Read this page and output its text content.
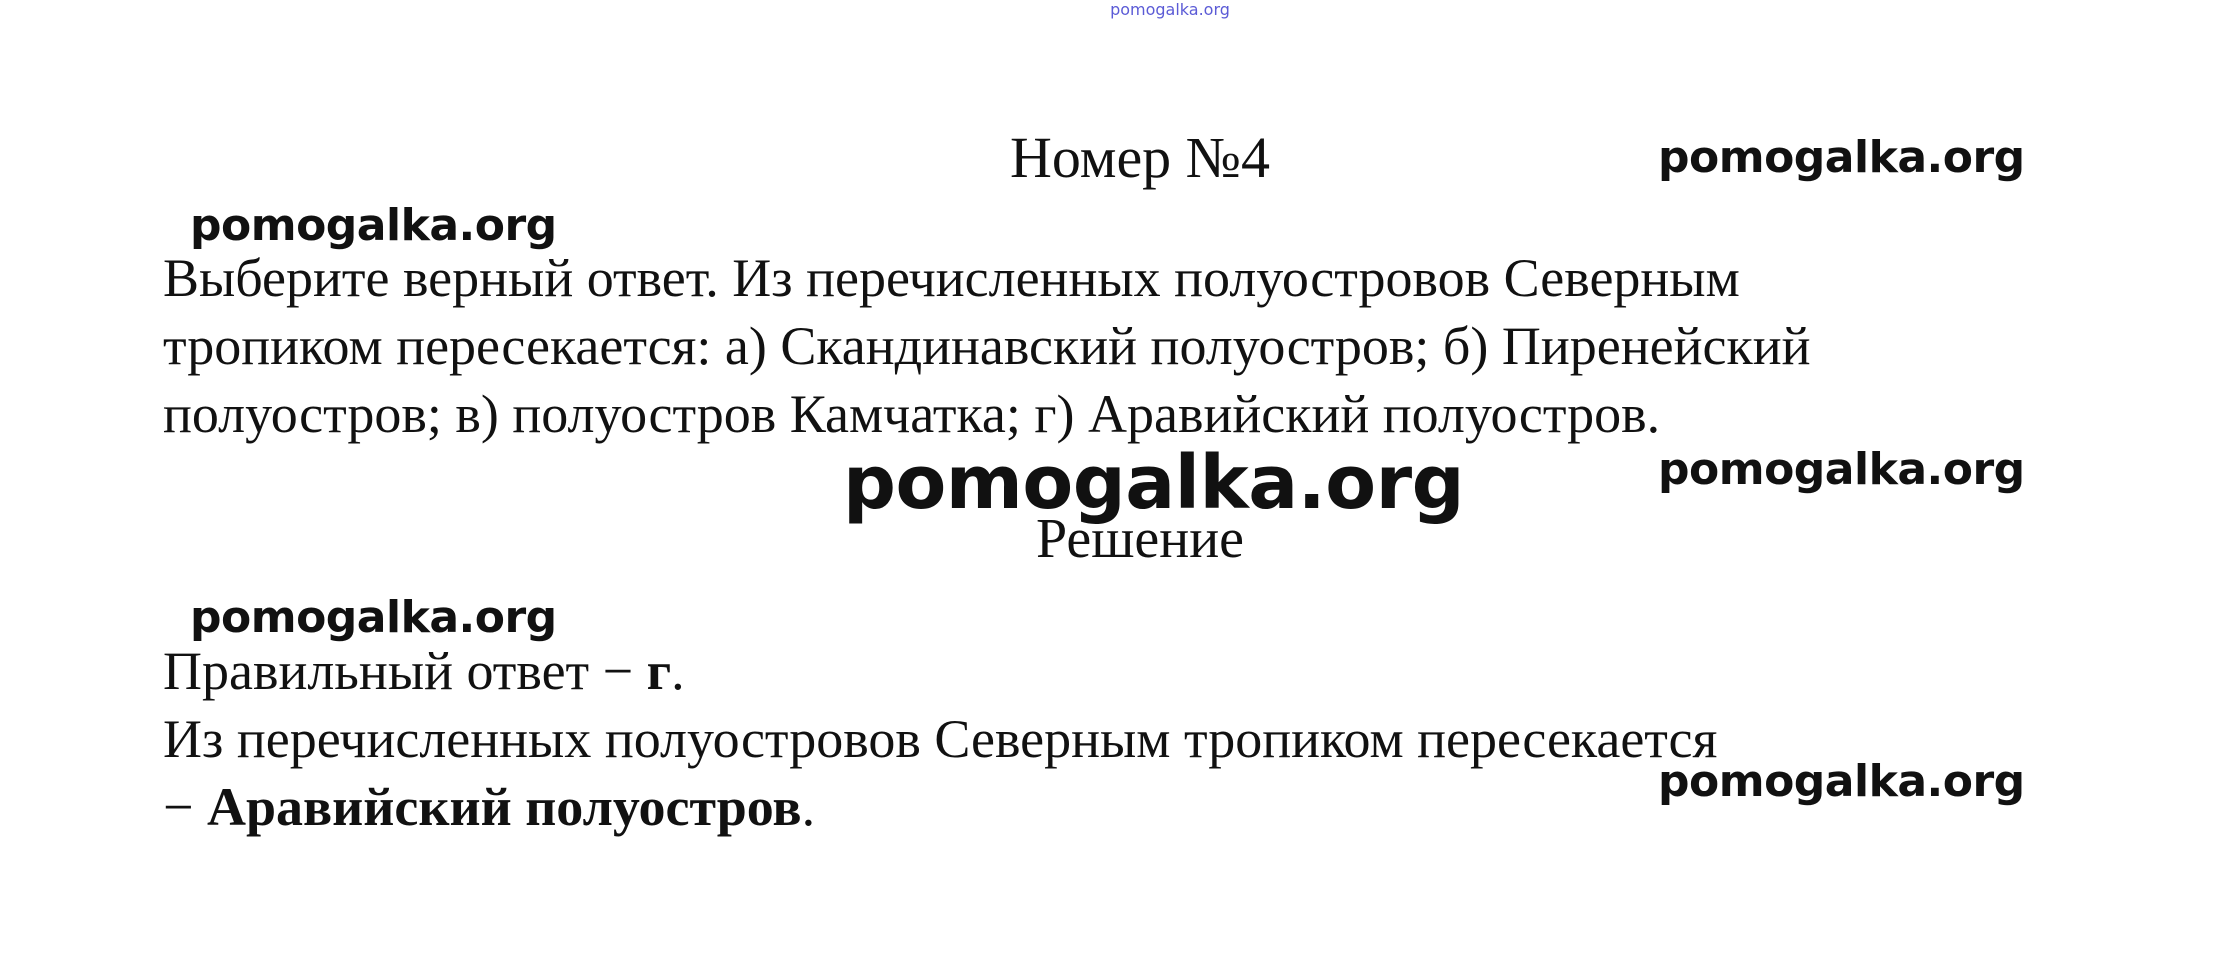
pomogalka.org
Номер №4	pomogalka.org
pomogalka.org
Выберите верный ответ. Из перечисленных полуостровов Северным
тропиком пересекается: а) Скандинавский полуостров; б) Пиренейский
полуостров; в) полуостров Камчатка; г) Аравийский полуостров.
pomogalka.org
pomogalka.org
Решение
pomogalka.org
Правильный ответ − г.
Из перечисленных полуостровов Северным тропиком пересекается
− Аравийский полуостров.	pomogalka.org
